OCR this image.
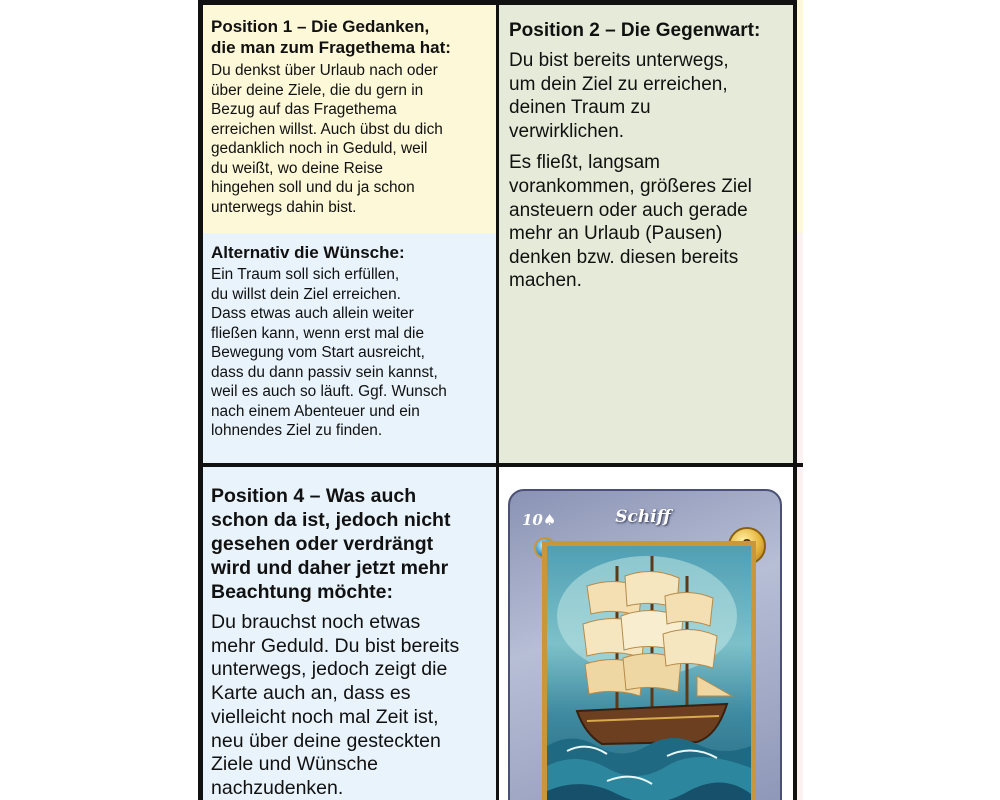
Position 1 – Die Gedanken,
die man zum Fragethema hat:

Du denkst über Urlaub nach oder
über deine Ziele, die du gern in
Bezug auf das Fragethema
erreichen willst. Auch übst du dich
gedanklich noch in Geduld, weil
du weißt, wo deine Reise
hingehen soll und du ja schon
unterwegs dahin bist.

Alternativ die Wünsche:

Ein Traum soll sich erfüllen,
du willst dein Ziel erreichen.
Dass etwas auch allein weiter
fließen kann, wenn erst mal die
Bewegung vom Start ausreicht,
dass du dann passiv sein kannst,
weil es auch so läuft. Ggf. Wunsch
nach einem Abenteuer und ein
lohnendes Ziel zu finden.

Position 2 – Die Gegenwart:

Du bist bereits unterwegs,
um dein Ziel zu erreichen,
deinen Traum zu
verwirklichen.

Es fließt, langsam
vorankommen, größeres Ziel
ansteuern oder auch gerade
mehr an Urlaub (Pausen)
denken bzw. diesen bereits
machen.

Position 4 – Was auch
schon da ist, jedoch nicht
gesehen oder verdrängt
wird und daher jetzt mehr
Beachtung möchte:

Du brauchst noch etwas
mehr Geduld. Du bist bereits
unterwegs, jedoch zeigt die
Karte auch an, dass es
vielleicht noch mal Zeit ist,
neu über deine gesteckten
Ziele und Wünsche
nachzudenken.

10♠	Schiff
